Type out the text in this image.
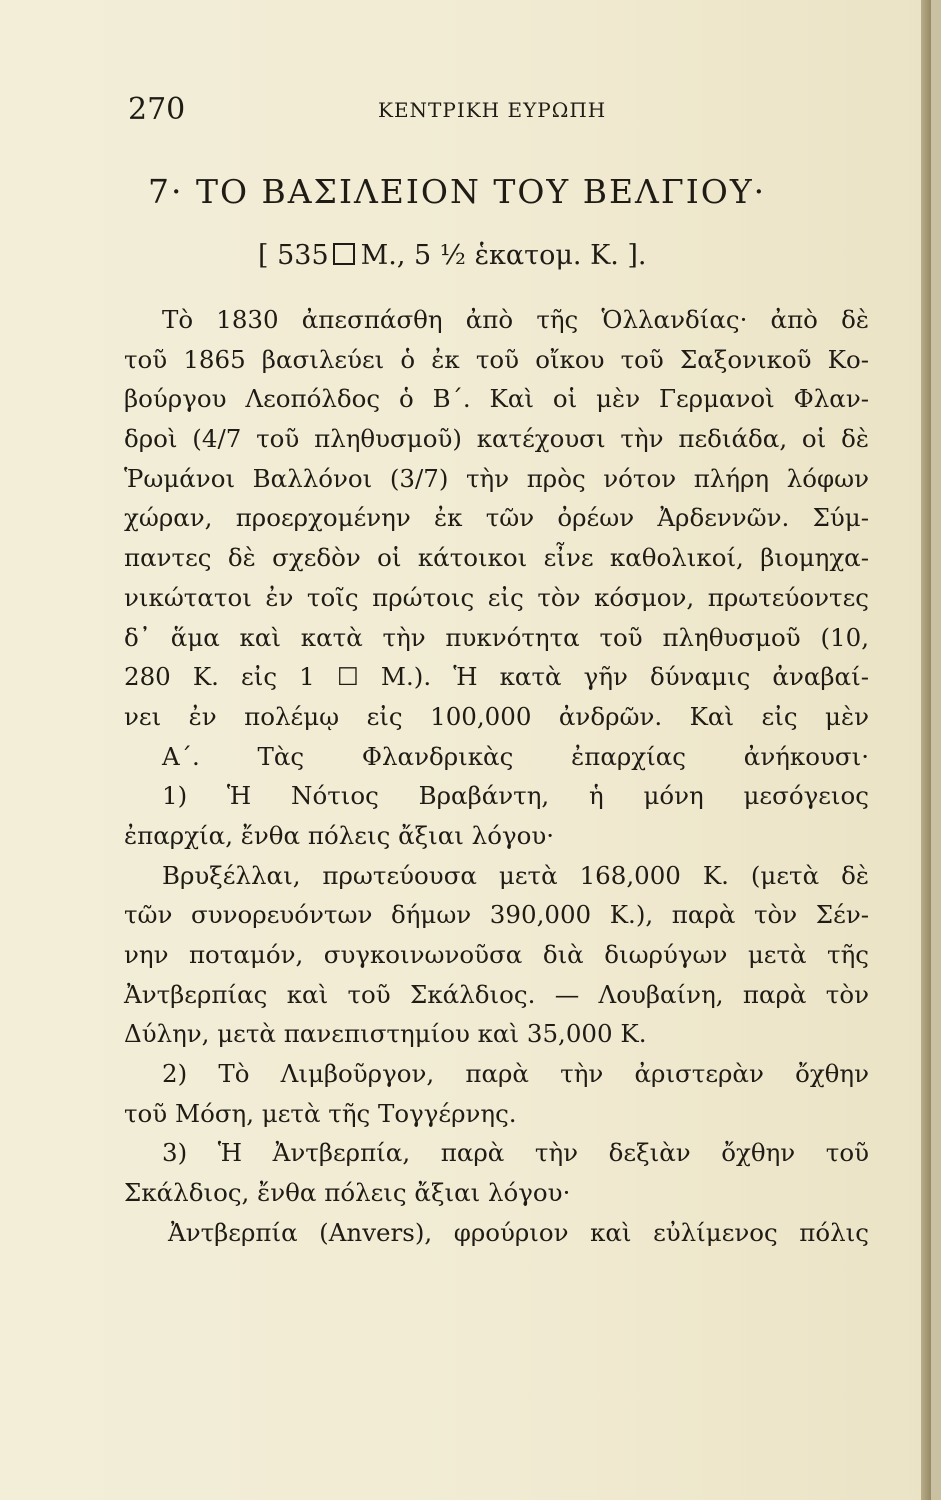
270	ΚΕΝΤΡΙΚΗ ΕΥΡΩΠΗ
7· ΤΟ ΒΑΣΙΛΕΙΟΝ ΤΟΥ ΒΕΛΓΙΟΥ·
[ 535 Μ., 5 ½ ἑκατομ. Κ. ].
Τὸ 1830 ἀπεσπάσθη ἀπὸ τῆς Ὁλλανδίας· ἀπὸ δὲ
τοῦ 1865 βασιλεύει ὁ ἐκ τοῦ οἴκου τοῦ Σαξονικοῦ Κο-
βούργου Λεοπόλδος ὁ Β΄. Καὶ οἱ μὲν Γερμανοὶ Φλαν-
δροὶ (4/7 τοῦ πληθυσμοῦ) κατέχουσι τὴν πεδιάδα, οἱ δὲ
Ῥωμάνοι Βαλλόνοι (3/7) τὴν πρὸς νότον πλήρη λόφων
χώραν, προερχομένην ἐκ τῶν ὀρέων Ἀρδεννῶν. Σύμ-
παντες δὲ σχεδὸν οἱ κάτοικοι εἶνε καθολικοί, βιομηχα-
νικώτατοι ἐν τοῖς πρώτοις εἰς τὸν κόσμον, πρωτεύοντες
δ᾽ ἅμα καὶ κατὰ τὴν πυκνότητα τοῦ πληθυσμοῦ (10,
280 Κ. εἰς 1 ☐ Μ.). Ἡ κατὰ γῆν δύναμις ἀναβαί-
νει ἐν πολέμῳ εἰς 100,000 ἀνδρῶν. Καὶ εἰς μὲν
Α΄. Τὰς Φλανδρικὰς ἐπαρχίας ἀνήκουσι·
1) Ἡ Νότιος Βραβάντη, ἡ μόνη μεσόγειος
ἐπαρχία, ἔνθα πόλεις ἄξιαι λόγου·
Βρυξέλλαι, πρωτεύουσα μετὰ 168,000 Κ. (μετὰ δὲ
τῶν συνορευόντων δήμων 390,000 Κ.), παρὰ τὸν Σέν-
νην ποταμόν, συγκοινωνοῦσα διὰ διωρύγων μετὰ τῆς
Ἀντβερπίας καὶ τοῦ Σκάλδιος. — Λουβαίνη, παρὰ τὸν
Δύλην, μετὰ πανεπιστημίου καὶ 35,000 Κ.
2) Τὸ Λιμβοῦργον, παρὰ τὴν ἀριστερὰν ὄχθην
τοῦ Μόση, μετὰ τῆς Τογγέρνης.
3) Ἡ Ἀντβερπία, παρὰ τὴν δεξιὰν ὄχθην τοῦ
Σκάλδιος, ἔνθα πόλεις ἄξιαι λόγου·
Ἀντβερπία (Anvers), φρούριον καὶ εὐλίμενος πόλις
